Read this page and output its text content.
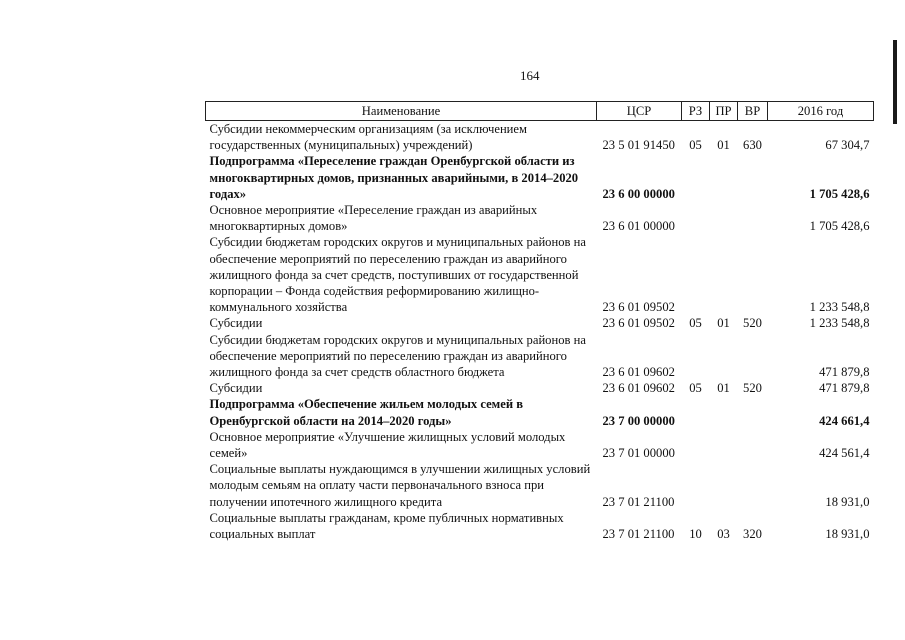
164
Наименование	ЦСР	РЗ	ПР	ВР	2016 год
Субсидии некоммерческим организациям (за исключением государственных (муниципальных) учреждений)	23 5 01 91450	05	01	630	67 304,7
Подпрограмма «Переселение граждан Оренбургской области из многоквартирных домов, признанных аварийными, в 2014–2020 годах»	23 6 00 00000				1 705 428,6
Основное мероприятие «Переселение граждан из аварийных многоквартирных домов»	23 6 01 00000				1 705 428,6
Субсидии бюджетам городских округов и муниципальных районов на обеспечение мероприятий по переселению граждан из аварийного жилищного фонда за счет средств, поступивших от государственной корпорации – Фонда содействия реформированию жилищно-коммунального хозяйства	23 6 01 09502				1 233 548,8
Субсидии	23 6 01 09502	05	01	520	1 233 548,8
Субсидии бюджетам городских округов и муниципальных районов на обеспечение мероприятий по переселению граждан из аварийного жилищного фонда за счет средств областного бюджета	23 6 01 09602				471 879,8
Субсидии	23 6 01 09602	05	01	520	471 879,8
Подпрограмма «Обеспечение жильем молодых семей в Оренбургской области на 2014–2020 годы»	23 7 00 00000				424 661,4
Основное мероприятие «Улучшение жилищных условий молодых семей»	23 7 01 00000				424 561,4
Социальные выплаты нуждающимся в улучшении жилищных условий молодым семьям на оплату части первоначального взноса при получении ипотечного жилищного кредита	23 7 01 21100				18 931,0
Социальные выплаты гражданам, кроме публичных нормативных социальных выплат	23 7 01 21100	10	03	320	18 931,0
